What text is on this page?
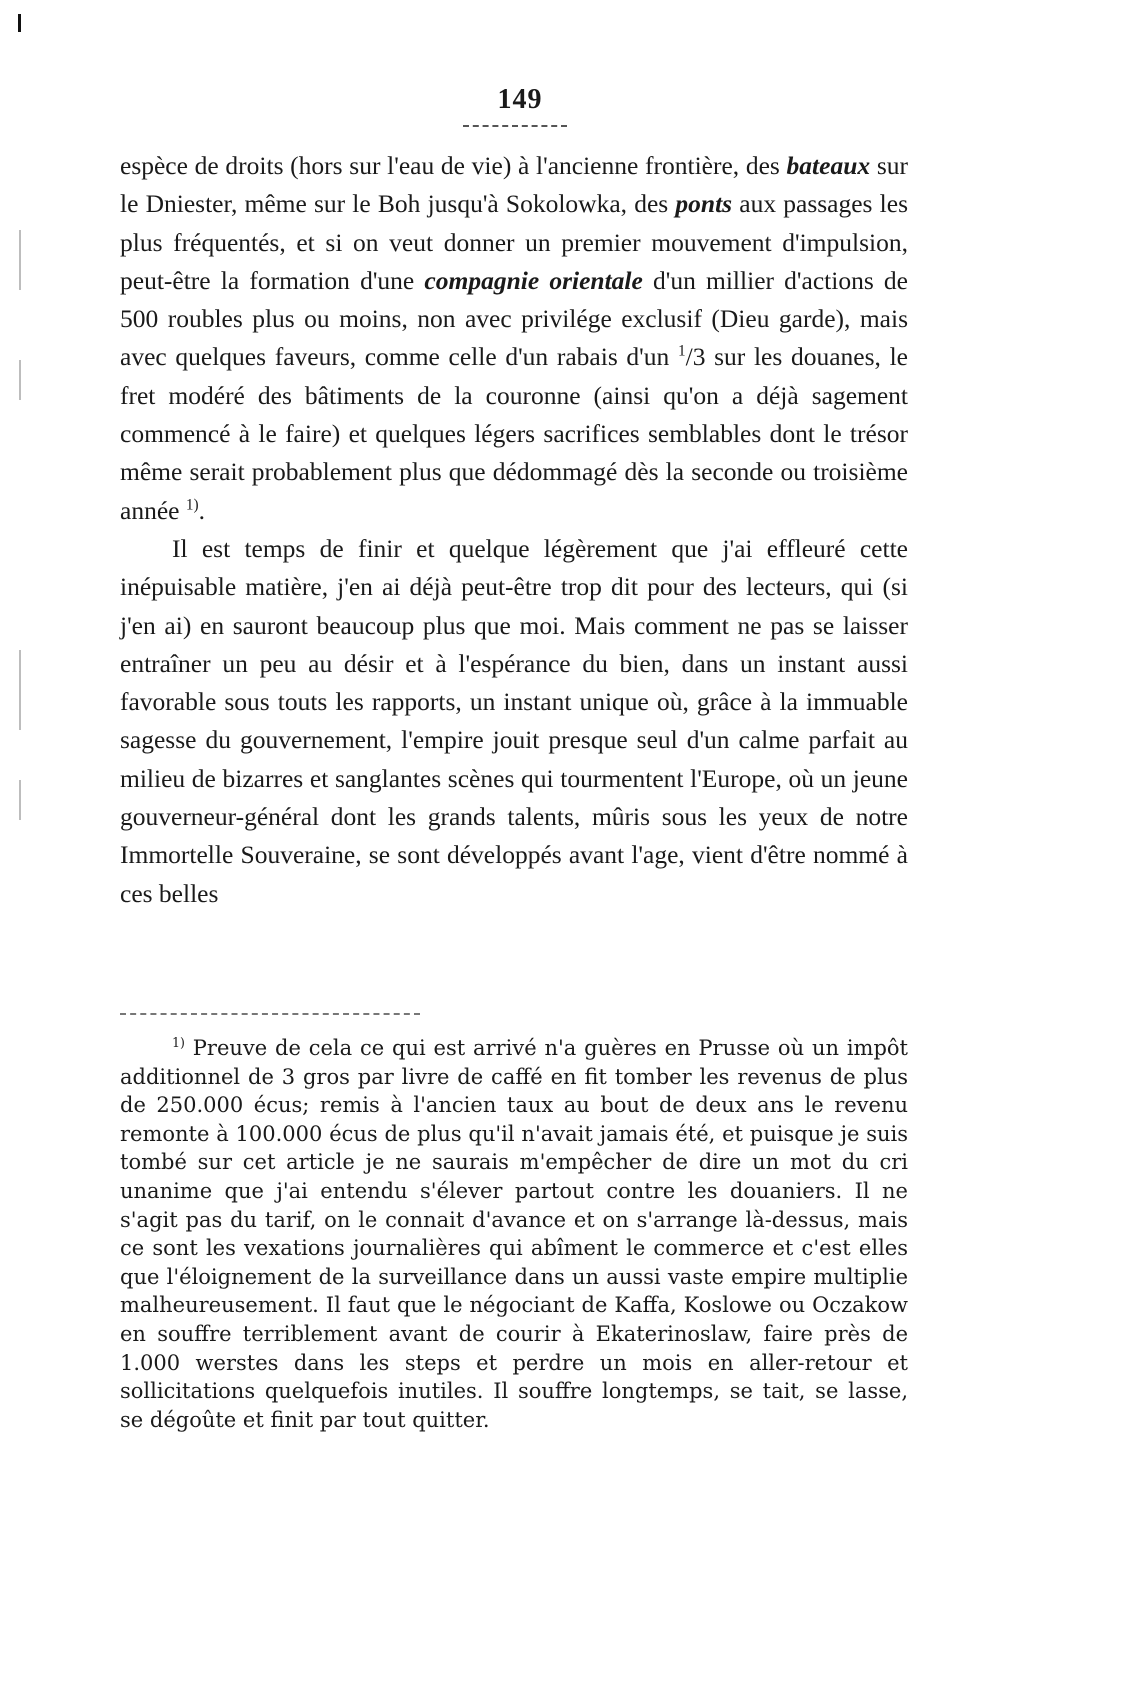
149

espèce de droits (hors sur l'eau de vie) à l'ancienne frontière, des bateaux sur le Dniester, même sur le Boh jusqu'à Sokolowka, des ponts aux passages les plus fréquentés, et si on veut donner un premier mouvement d'impulsion, peut-être la formation d'une compagnie orientale d'un millier d'actions de 500 roubles plus ou moins, non avec privilége exclusif (Dieu garde), mais avec quelques faveurs, comme celle d'un rabais d'un $^1$/3 sur les douanes, le fret modéré des bâtiments de la couronne (ainsi qu'on a déjà sagement commencé à le faire) et quelques légers sacrifices semblables dont le trésor même serait probablement plus que dédommagé dès la seconde ou troisième année $^{1)}$.

Il est temps de finir et quelque légèrement que j'ai effleuré cette inépuisable matière, j'en ai déjà peut-être trop dit pour des lecteurs, qui (si j'en ai) en sauront beaucoup plus que moi. Mais comment ne pas se laisser entraîner un peu au désir et à l'espérance du bien, dans un instant aussi favorable sous touts les rapports, un instant unique où, grâce à la immuable sagesse du gouvernement, l'empire jouit presque seul d'un calme parfait au milieu de bizarres et sanglantes scènes qui tourmentent l'Europe, où un jeune gouverneur-général dont les grands talents, mûris sous les yeux de notre Immortelle Souveraine, se sont développés avant l'age, vient d'être nommé à ces belles

$^{1)}$ Preuve de cela ce qui est arrivé n'a guères en Prusse où un impôt additionnel de 3 gros par livre de caffé en fit tomber les revenus de plus de 250.000 écus; remis à l'ancien taux au bout de deux ans le revenu remonte à 100.000 écus de plus qu'il n'avait jamais été, et puisque je suis tombé sur cet article je ne saurais m'empêcher de dire un mot du cri unanime que j'ai entendu s'élever partout contre les douaniers. Il ne s'agit pas du tarif, on le connait d'avance et on s'arrange là-dessus, mais ce sont les vexations journalières qui abîment le commerce et c'est elles que l'éloignement de la surveillance dans un aussi vaste empire multiplie malheureusement. Il faut que le négociant de Kaffa, Koslowe ou Oczakow en souffre terriblement avant de courir à Ekaterinoslaw, faire près de 1.000 werstes dans les steps et perdre un mois en aller-retour et sollicitations quelquefois inutiles. Il souffre longtemps, se tait, se lasse, se dégoûte et finit par tout quitter.
